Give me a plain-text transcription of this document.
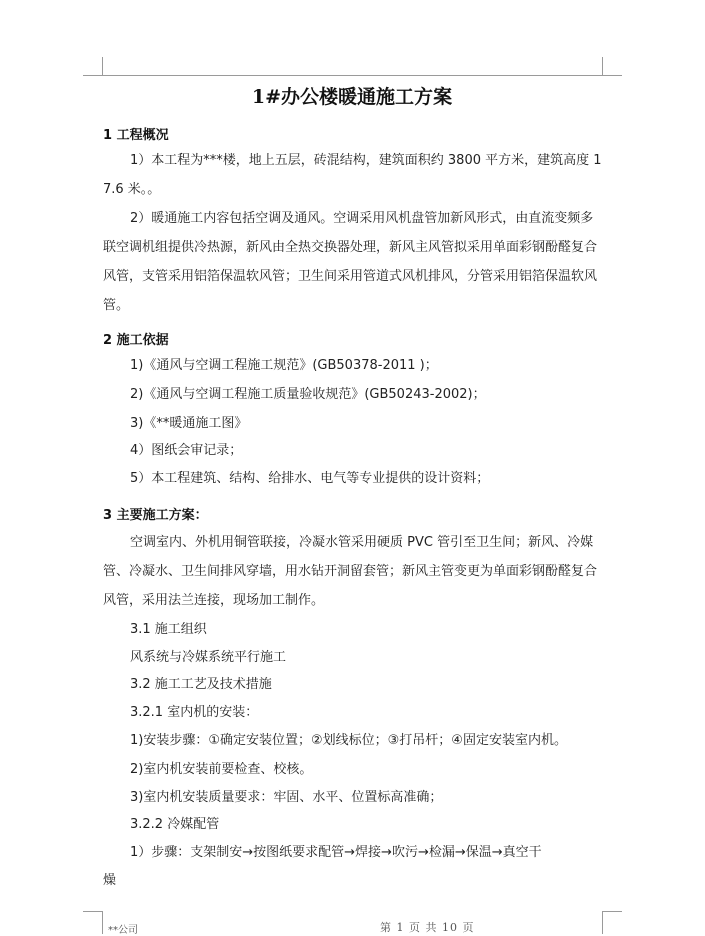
1#办公楼暖通施工方案
1 工程概况
1）本工程为***楼，地上五层，砖混结构，建筑面积约 3800 平方米，建筑高度 17.6 米。。
2）暖通施工内容包括空调及通风。空调采用风机盘管加新风形式，由直流变频多联空调机组提供冷热源，新风由全热交换器处理，新风主风管拟采用单面彩钢酚醛复合风管，支管采用铝箔保温软风管；卫生间采用管道式风机排风，分管采用铝箔保温软风管。
2 施工依据
1)《通风与空调工程施工规范》(GB50378-2011 )；
2)《通风与空调工程施工质量验收规范》(GB50243-2002)；
3)《**暖通施工图》
4）图纸会审记录；
5）本工程建筑、结构、给排水、电气等专业提供的设计资料；
3 主要施工方案：
空调室内、外机用铜管联接，冷凝水管采用硬质 PVC 管引至卫生间；新风、冷媒管、冷凝水、卫生间排风穿墙，用水钻开洞留套管；新风主管变更为单面彩钢酚醛复合风管，采用法兰连接，现场加工制作。
3.1 施工组织
风系统与冷媒系统平行施工
3.2 施工工艺及技术措施
3.2.1 室内机的安装：
1)安装步骤：①确定安装位置；②划线标位；③打吊杆；④固定安装室内机。
2)室内机安装前要检查、校核。
3)室内机安装质量要求：牢固、水平、位置标高准确；
3.2.2 冷媒配管
1）步骤：支架制安→按图纸要求配管→焊接→吹污→检漏→保温→真空干
燥
**公司	第 1 页 共 10 页
